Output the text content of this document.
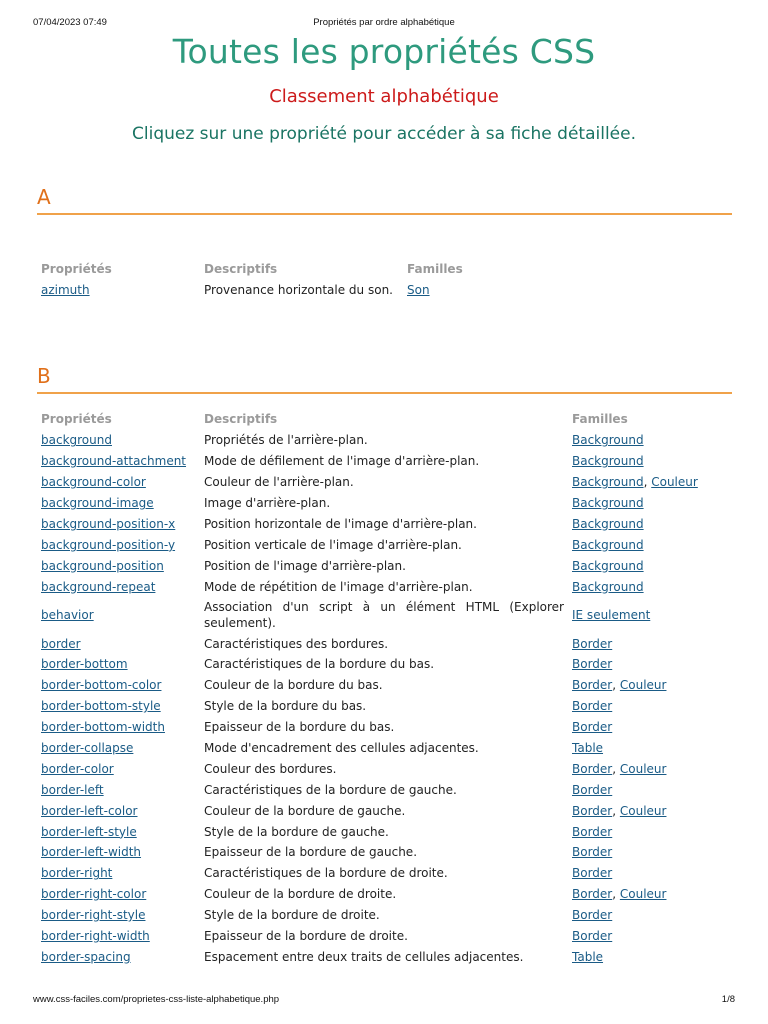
07/04/2023 07:49	Propriétés par ordre alphabétique
Toutes les propriétés CSS
Classement alphabétique

Cliquez sur une propriété pour accéder à sa fiche détaillée.

A
Propriétés	Descriptifs	Familles
azimuth	Provenance horizontale du son.	Son
B
Propriétés	Descriptifs	Familles
background	Propriétés de l'arrière-plan.	Background
background-attachment	Mode de défilement de l'image d'arrière-plan.	Background
background-color	Couleur de l'arrière-plan.	Background, Couleur
background-image	Image d'arrière-plan.	Background
background-position-x	Position horizontale de l'image d'arrière-plan.	Background
background-position-y	Position verticale de l'image d'arrière-plan.	Background
background-position	Position de l'image d'arrière-plan.	Background
background-repeat	Mode de répétition de l'image d'arrière-plan.	Background
behavior	Association d'un script à un élément HTML (Explorer seulement).	IE seulement
border	Caractéristiques des bordures.	Border
border-bottom	Caractéristiques de la bordure du bas.	Border
border-bottom-color	Couleur de la bordure du bas.	Border, Couleur
border-bottom-style	Style de la bordure du bas.	Border
border-bottom-width	Epaisseur de la bordure du bas.	Border
border-collapse	Mode d'encadrement des cellules adjacentes.	Table
border-color	Couleur des bordures.	Border, Couleur
border-left	Caractéristiques de la bordure de gauche.	Border
border-left-color	Couleur de la bordure de gauche.	Border, Couleur
border-left-style	Style de la bordure de gauche.	Border
border-left-width	Epaisseur de la bordure de gauche.	Border
border-right	Caractéristiques de la bordure de droite.	Border
border-right-color	Couleur de la bordure de droite.	Border, Couleur
border-right-style	Style de la bordure de droite.	Border
border-right-width	Epaisseur de la bordure de droite.	Border
border-spacing	Espacement entre deux traits de cellules adjacentes.	Table
www.css-faciles.com/proprietes-css-liste-alphabetique.php	1/8
